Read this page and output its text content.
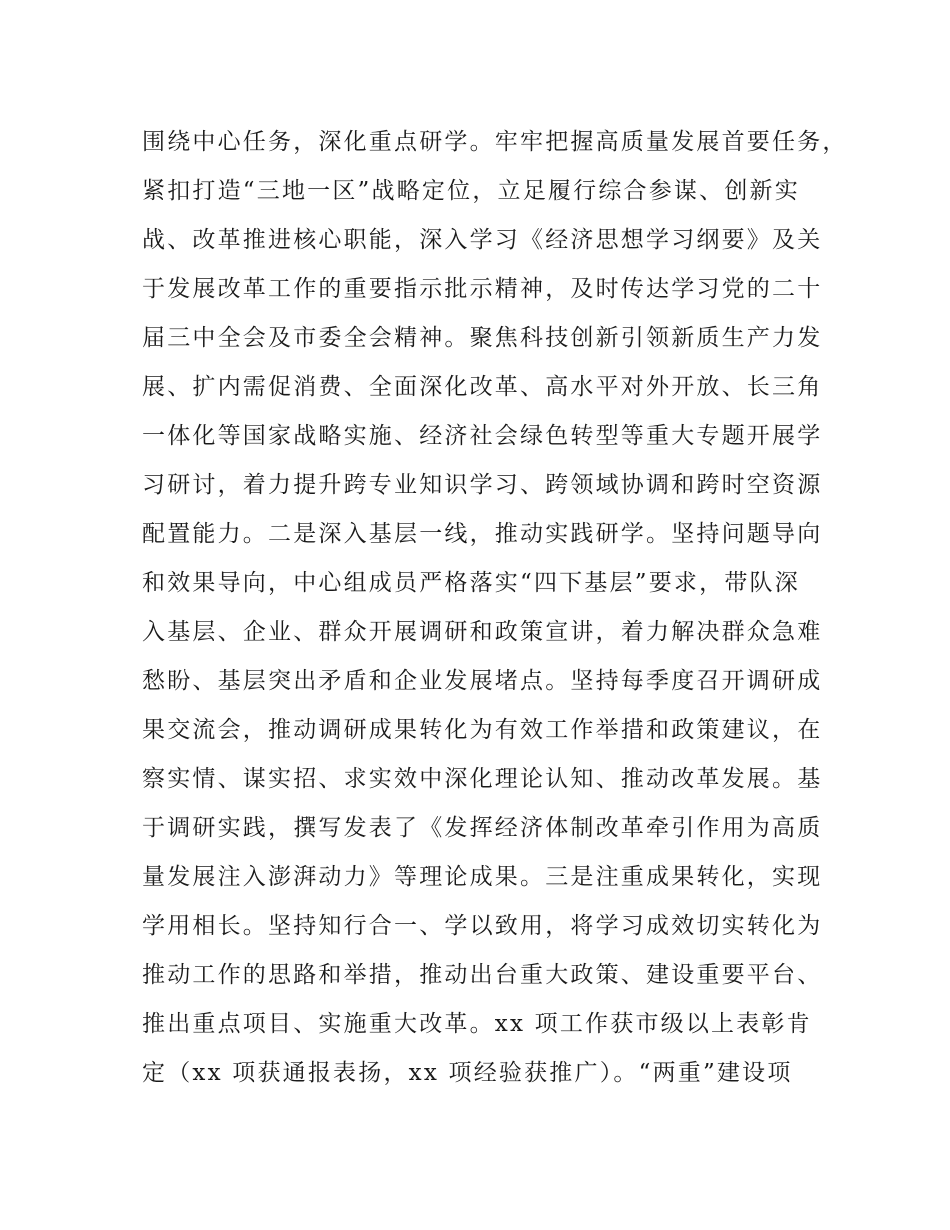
围绕中心任务，深化重点研学。牢牢把握高质量发展首要任务，
紧扣打造“三地一区”战略定位，立足履行综合参谋、创新实
战、改革推进核心职能，深入学习《经济思想学习纲要》及关
于发展改革工作的重要指示批示精神，及时传达学习党的二十
届三中全会及市委全会精神。聚焦科技创新引领新质生产力发
展、扩内需促消费、全面深化改革、高水平对外开放、长三角
一体化等国家战略实施、经济社会绿色转型等重大专题开展学
习研讨，着力提升跨专业知识学习、跨领域协调和跨时空资源
配置能力。二是深入基层一线，推动实践研学。坚持问题导向
和效果导向，中心组成员严格落实“四下基层”要求，带队深
入基层、企业、群众开展调研和政策宣讲，着力解决群众急难
愁盼、基层突出矛盾和企业发展堵点。坚持每季度召开调研成
果交流会，推动调研成果转化为有效工作举措和政策建议，在
察实情、谋实招、求实效中深化理论认知、推动改革发展。基
于调研实践，撰写发表了《发挥经济体制改革牵引作用为高质
量发展注入澎湃动力》等理论成果。三是注重成果转化，实现
学用相长。坚持知行合一、学以致用，将学习成效切实转化为
推动工作的思路和举措，推动出台重大政策、建设重要平台、
推出重点项目、实施重大改革。xx 项工作获市级以上表彰肯
定（xx 项获通报表扬，xx 项经验获推广）。“两重”建设项
